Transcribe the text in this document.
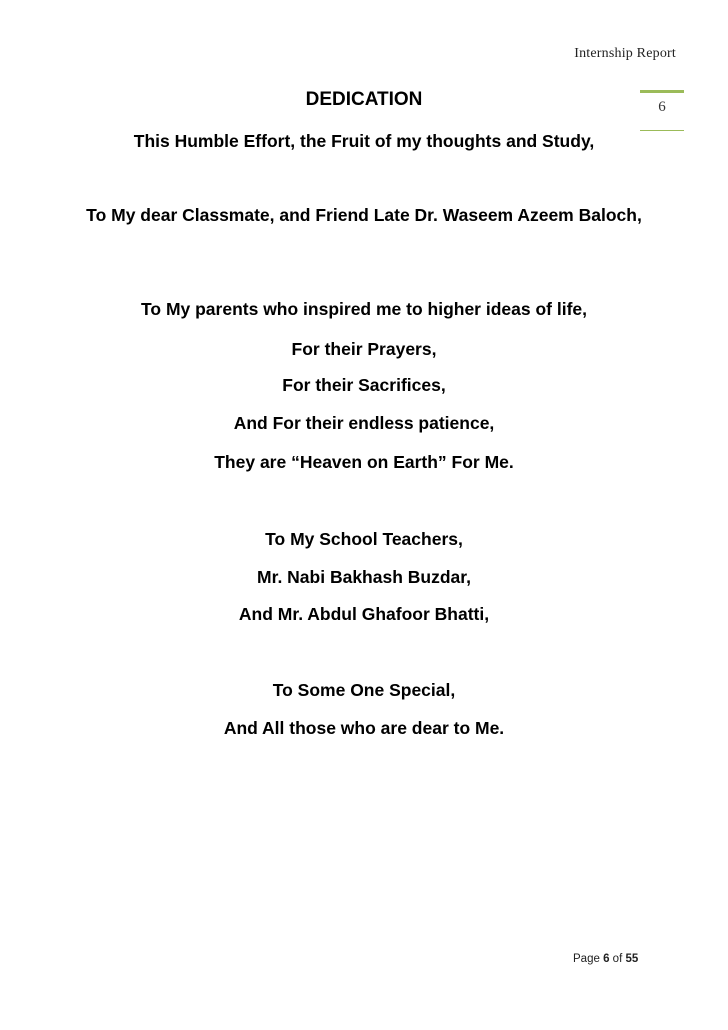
Internship Report
6
DEDICATION
This Humble Effort, the Fruit of my thoughts and Study,
To My dear Classmate, and Friend Late Dr. Waseem Azeem Baloch,
To My parents who inspired me to higher ideas of life,
For their Prayers,
For their Sacrifices,
And For their endless patience,
They are “Heaven on Earth” For Me.
To My School Teachers,
Mr. Nabi Bakhash Buzdar,
And Mr. Abdul Ghafoor Bhatti,
To Some One Special,
And All those who are dear to Me.
Page 6 of 55
